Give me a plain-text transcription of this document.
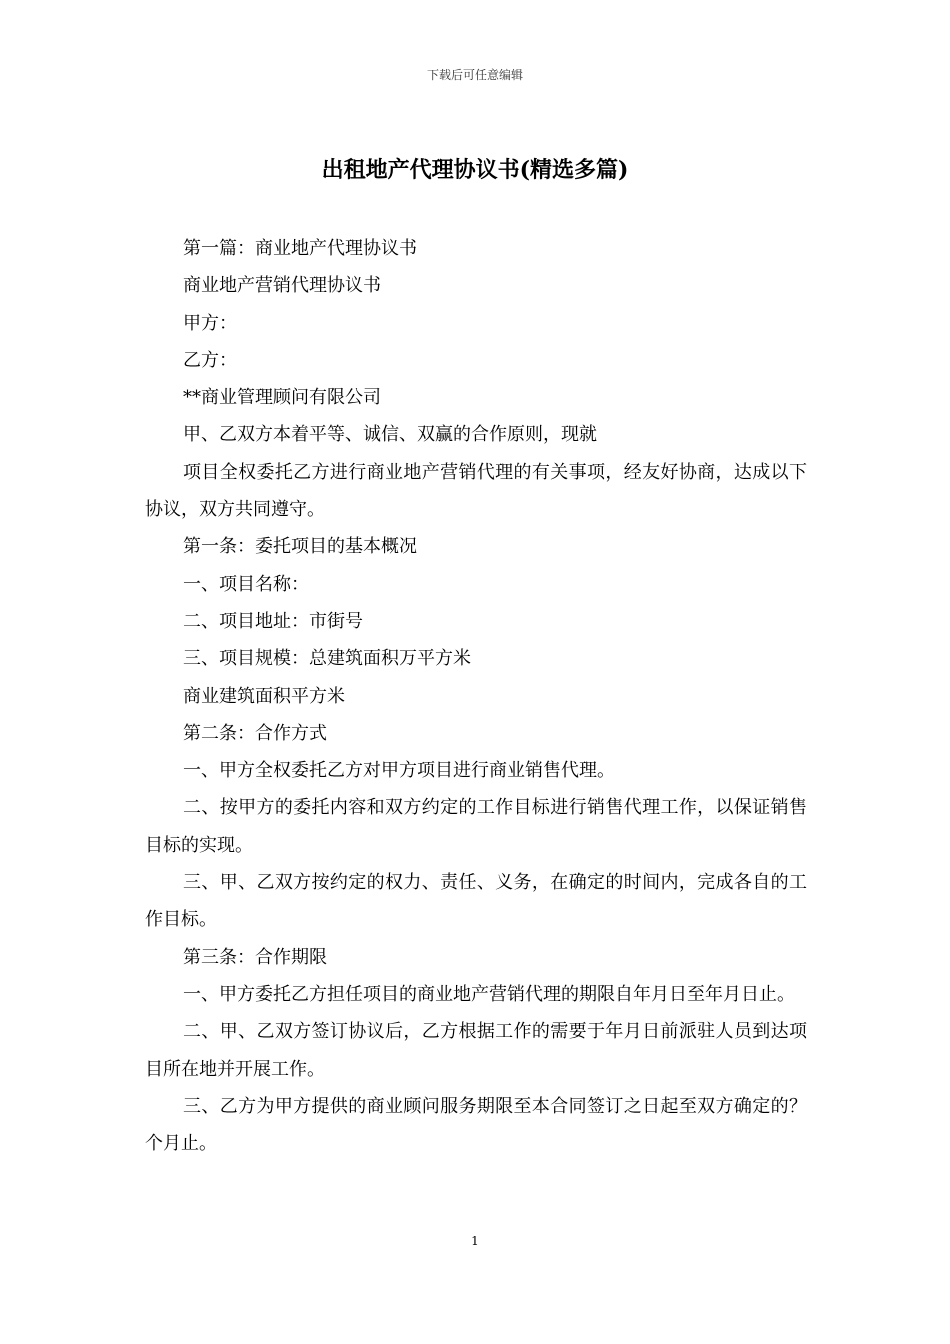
下载后可任意编辑
出租地产代理协议书(精选多篇)

第一篇：商业地产代理协议书

商业地产营销代理协议书

甲方：

乙方：

**商业管理顾问有限公司

甲、乙双方本着平等、诚信、双赢的合作原则，现就

项目全权委托乙方进行商业地产营销代理的有关事项，经友好协商，达成以下协议，双方共同遵守。

第一条：委托项目的基本概况

一、项目名称：

二、项目地址：市街号

三、项目规模：总建筑面积万平方米

商业建筑面积平方米

第二条：合作方式

一、甲方全权委托乙方对甲方项目进行商业销售代理。

二、按甲方的委托内容和双方约定的工作目标进行销售代理工作，以保证销售目标的实现。

三、甲、乙双方按约定的权力、责任、义务，在确定的时间内，完成各自的工作目标。

第三条：合作期限

一、甲方委托乙方担任项目的商业地产营销代理的期限自年月日至年月日止。

二、甲、乙双方签订协议后，乙方根据工作的需要于年月日前派驻人员到达项目所在地并开展工作。

三、乙方为甲方提供的商业顾问服务期限至本合同签订之日起至双方确定的？个月止。

1
